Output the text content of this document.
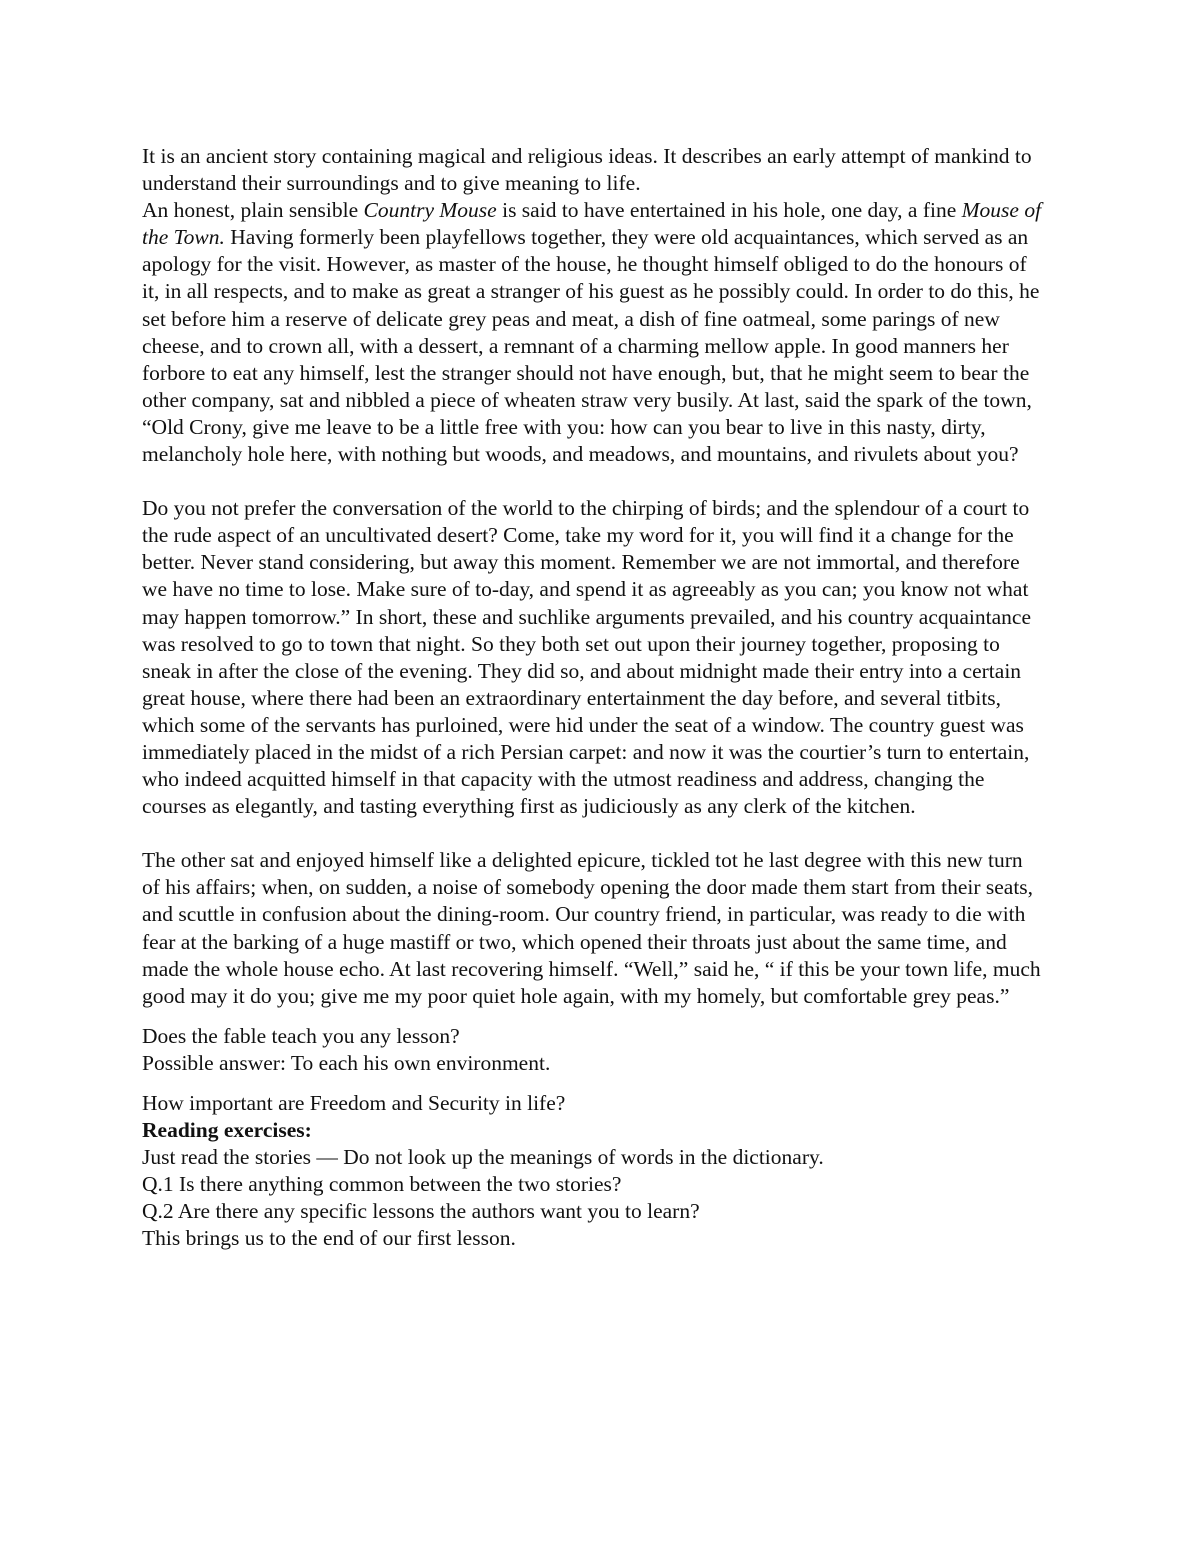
It is an ancient story containing magical and religious ideas. It describes an early attempt of mankind to understand their surroundings and to give meaning to life.

An honest, plain sensible Country Mouse is said to have entertained in his hole, one day, a fine Mouse of the Town. Having formerly been playfellows together, they were old acquaintances, which served as an apology for the visit. However, as master of the house, he thought himself obliged to do the honours of it, in all respects, and to make as great a stranger of his guest as he possibly could. In order to do this, he set before him a reserve of delicate grey peas and meat, a dish of fine oatmeal, some parings of new cheese, and to crown all, with a dessert, a remnant of a charming mellow apple. In good manners her forbore to eat any himself, lest the stranger should not have enough, but, that he might seem to bear the other company, sat and nibbled a piece of wheaten straw very busily. At last, said the spark of the town, “Old Crony, give me leave to be a little free with you: how can you bear to live in this nasty, dirty, melancholy hole here, with nothing but woods, and meadows, and mountains, and rivulets about you?

Do you not prefer the conversation of the world to the chirping of birds; and the splendour of a court to the rude aspect of an uncultivated desert? Come, take my word for it, you will find it a change for the better. Never stand considering, but away this moment. Remember we are not immortal, and therefore we have no time to lose. Make sure of to-day, and spend it as agreeably as you can; you know not what may happen tomorrow.” In short, these and suchlike arguments prevailed, and his country acquaintance was resolved to go to town that night. So they both set out upon their journey together, proposing to sneak in after the close of the evening. They did so, and about midnight made their entry into a certain great house, where there had been an extraordinary entertainment the day before, and several titbits, which some of the servants has purloined, were hid under the seat of a window. The country guest was immediately placed in the midst of a rich Persian carpet: and now it was the courtier’s turn to entertain, who indeed acquitted himself in that capacity with the utmost readiness and address, changing the courses as elegantly, and tasting everything first as judiciously as any clerk of the kitchen.

The other sat and enjoyed himself like a delighted epicure, tickled tot he last degree with this new turn of his affairs; when, on sudden, a noise of somebody opening the door made them start from their seats, and scuttle in confusion about the dining-room. Our country friend, in particular, was ready to die with fear at the barking of a huge mastiff or two, which opened their throats just about the same time, and made the whole house echo. At last recovering himself. “Well,” said he, “ if this be your town life, much good may it do you; give me my poor quiet hole again, with my homely, but comfortable grey peas.”

Does the fable teach you any lesson?

Possible answer: To each his own environment.

How important are Freedom and Security in life?

Reading exercises:

Just read the stories — Do not look up the meanings of words in the dictionary.

Q.1 Is there anything common between the two stories?

Q.2 Are there any specific lessons the authors want you to learn?

This brings us to the end of our first lesson.
